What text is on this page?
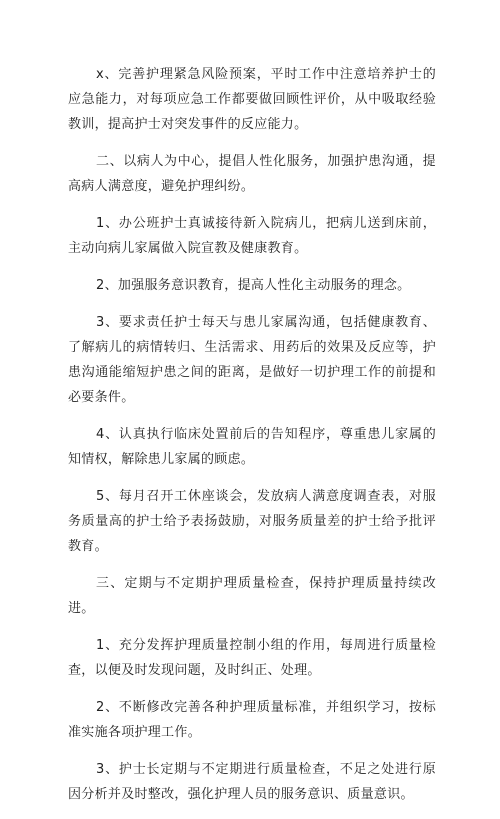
x、完善护理紧急风险预案，平时工作中注意培养护士的应急能力，对每项应急工作都要做回顾性评价，从中吸取经验教训，提高护士对突发事件的反应能力。

二、以病人为中心，提倡人性化服务，加强护患沟通，提高病人满意度，避免护理纠纷。

1、办公班护士真诚接待新入院病儿，把病儿送到床前，主动向病儿家属做入院宣教及健康教育。

2、加强服务意识教育，提高人性化主动服务的理念。

3、要求责任护士每天与患儿家属沟通，包括健康教育、了解病儿的病情转归、生活需求、用药后的效果及反应等，护患沟通能缩短护患之间的距离，是做好一切护理工作的前提和必要条件。

4、认真执行临床处置前后的告知程序，尊重患儿家属的知情权，解除患儿家属的顾虑。

5、每月召开工休座谈会，发放病人满意度调查表，对服务质量高的护士给予表扬鼓励，对服务质量差的护士给予批评教育。

三、定期与不定期护理质量检查，保持护理质量持续改进。

1、充分发挥护理质量控制小组的作用，每周进行质量检查，以便及时发现问题，及时纠正、处理。

2、不断修改完善各种护理质量标准，并组织学习，按标准实施各项护理工作。

3、护士长定期与不定期进行质量检查，不足之处进行原因分析并及时整改，强化护理人员的服务意识、质量意识。
